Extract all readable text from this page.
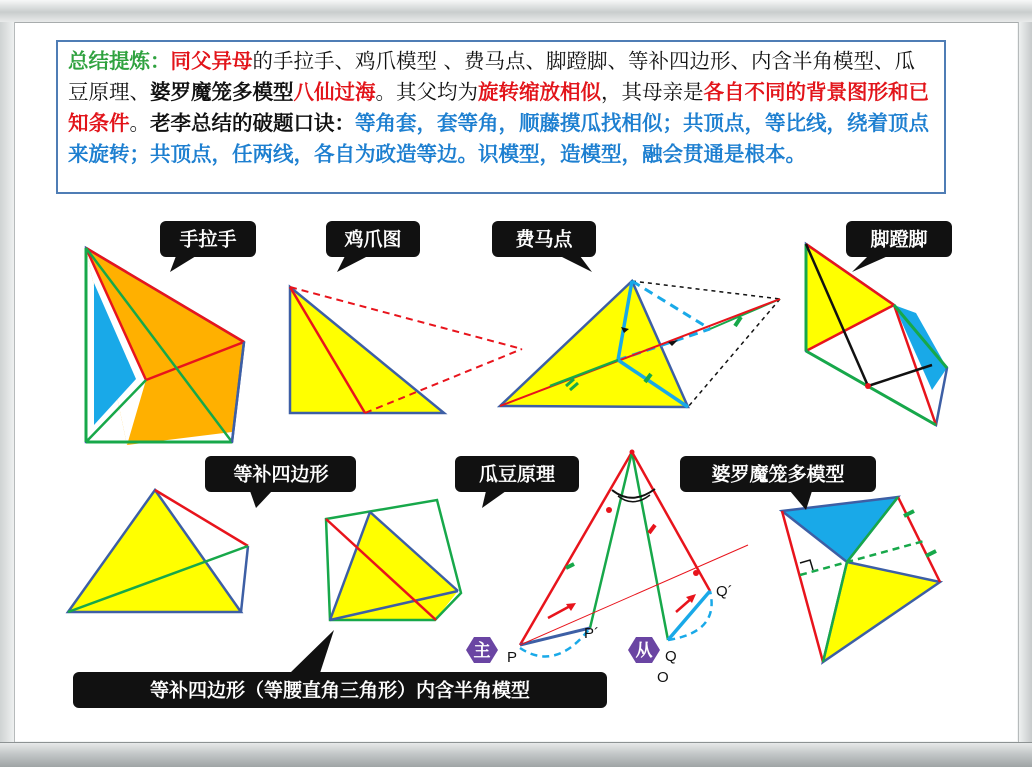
总结提炼：同父异母的手拉手、鸡爪模型 、费马点、脚蹬脚、等补四边形、内含半角模型、瓜豆原理、婆罗魔笼多模型八仙过海。其父均为旋转缩放相似，其母亲是各自不同的背景图形和已知条件。老李总结的破题口诀：等角套，套等角，顺藤摸瓜找相似；共顶点，等比线，绕着顶点来旋转；共顶点，任两线，各自为政造等边。识模型，造模型，融会贯通是根本。
主	从
P
P´
Q
Q´
O
手拉手	鸡爪图	费马点	脚蹬脚
等补四边形	瓜豆原理	婆罗魔笼多模型
等补四边形（等腰直角三角形）内含半角模型
